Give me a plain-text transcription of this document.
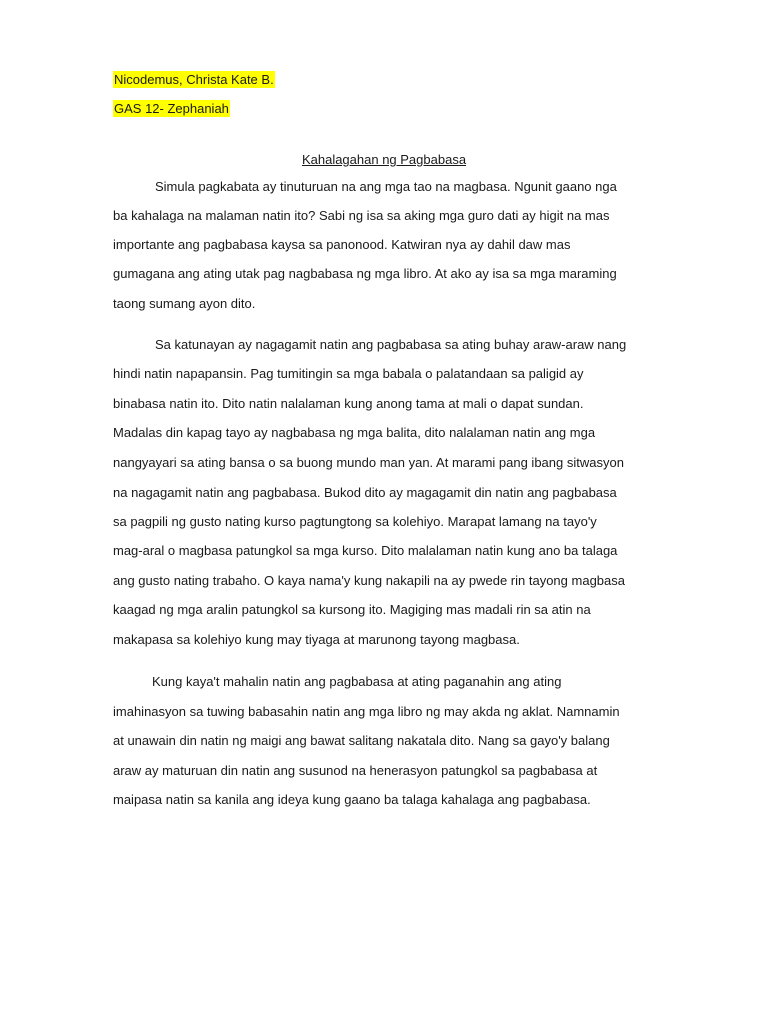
Nicodemus, Christa Kate B.
GAS 12- Zephaniah
Kahalagahan ng Pagbabasa
Simula pagkabata ay tinuturuan na ang mga tao na magbasa. Ngunit gaano nga
ba kahalaga na malaman natin ito? Sabi ng isa sa aking mga guro dati ay higit na mas
importante ang pagbabasa kaysa sa panonood. Katwiran nya ay dahil daw mas
gumagana ang ating utak pag nagbabasa ng mga libro. At ako ay isa sa mga maraming
taong sumang ayon dito.
Sa katunayan ay nagagamit natin ang pagbabasa sa ating buhay araw-araw nang
hindi natin napapansin. Pag tumitingin sa mga babala o palatandaan sa paligid ay
binabasa natin ito. Dito natin nalalaman kung anong tama at mali o dapat sundan.
Madalas din kapag tayo ay nagbabasa ng mga balita, dito nalalaman natin ang mga
nangyayari sa ating bansa o sa buong mundo man yan. At marami pang ibang sitwasyon
na nagagamit natin ang pagbabasa. Bukod dito ay magagamit din natin ang pagbabasa
sa pagpili ng gusto nating kurso pagtungtong sa kolehiyo. Marapat lamang na tayo'y
mag-aral o magbasa patungkol sa mga kurso. Dito malalaman natin kung ano ba talaga
ang gusto nating trabaho. O kaya nama'y kung nakapili na ay pwede rin tayong magbasa
kaagad ng mga aralin patungkol sa kursong ito. Magiging mas madali rin sa atin na
makapasa sa kolehiyo kung may tiyaga at marunong tayong magbasa.
Kung kaya't mahalin natin ang pagbabasa at ating paganahin ang ating
imahinasyon sa tuwing babasahin natin ang mga libro ng may akda ng aklat. Namnamin
at unawain din natin ng maigi ang bawat salitang nakatala dito. Nang sa gayo'y balang
araw ay maturuan din natin ang susunod na henerasyon patungkol sa pagbabasa at
maipasa natin sa kanila ang ideya kung gaano ba talaga kahalaga ang pagbabasa.
